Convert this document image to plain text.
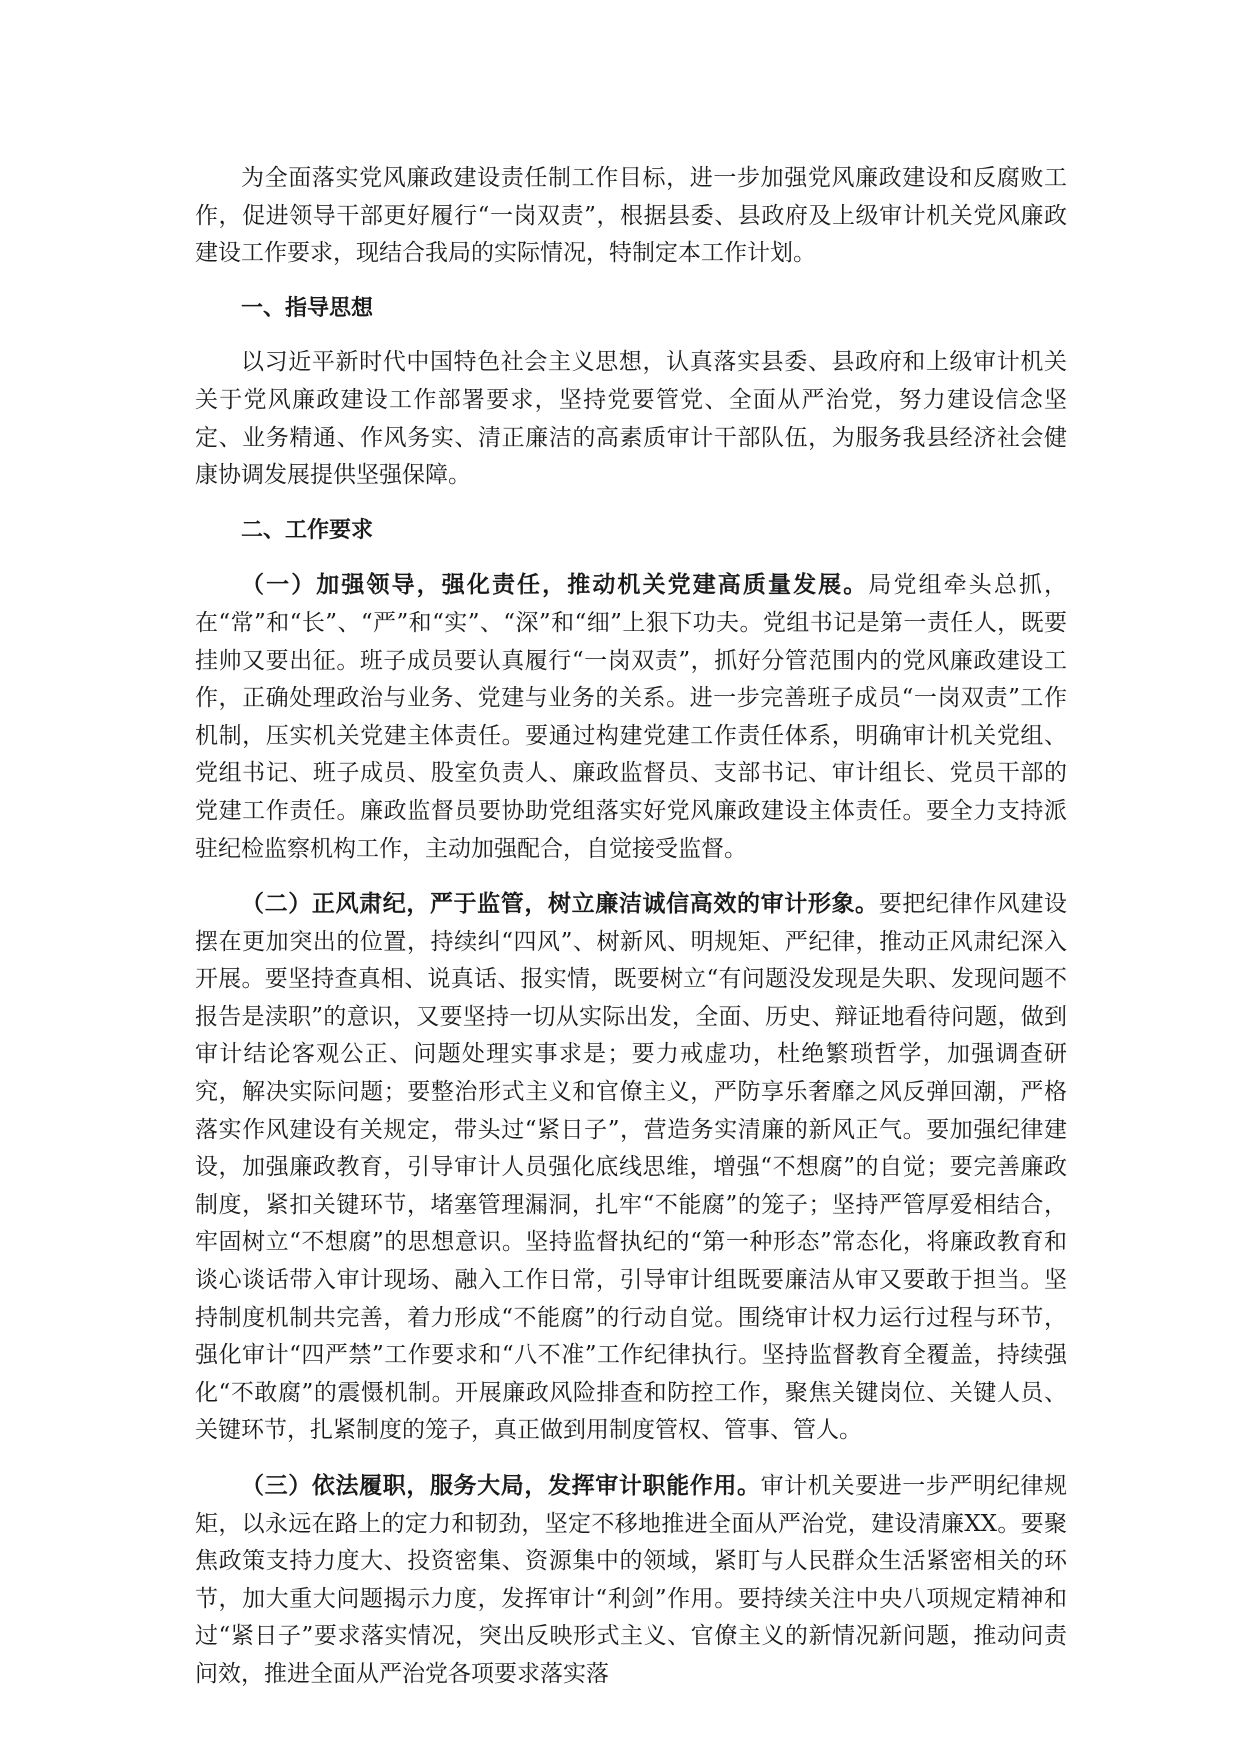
为全面落实党风廉政建设责任制工作目标，进一步加强党风廉政建设和反腐败工作，促进领导干部更好履行“一岗双责”，根据县委、县政府及上级审计机关党风廉政建设工作要求，现结合我局的实际情况，特制定本工作计划。

一、指导思想

以习近平新时代中国特色社会主义思想，认真落实县委、县政府和上级审计机关关于党风廉政建设工作部署要求，坚持党要管党、全面从严治党，努力建设信念坚定、业务精通、作风务实、清正廉洁的高素质审计干部队伍，为服务我县经济社会健康协调发展提供坚强保障。

二、工作要求

（一）加强领导，强化责任，推动机关党建高质量发展。局党组牵头总抓，在“常”和“长”、“严”和“实”、“深”和“细”上狠下功夫。党组书记是第一责任人，既要挂帅又要出征。班子成员要认真履行“一岗双责”，抓好分管范围内的党风廉政建设工作，正确处理政治与业务、党建与业务的关系。进一步完善班子成员“一岗双责”工作机制，压实机关党建主体责任。要通过构建党建工作责任体系，明确审计机关党组、党组书记、班子成员、股室负责人、廉政监督员、支部书记、审计组长、党员干部的党建工作责任。廉政监督员要协助党组落实好党风廉政建设主体责任。要全力支持派驻纪检监察机构工作，主动加强配合，自觉接受监督。

（二）正风肃纪，严于监管，树立廉洁诚信高效的审计形象。要把纪律作风建设摆在更加突出的位置，持续纠“四风”、树新风、明规矩、严纪律，推动正风肃纪深入开展。要坚持查真相、说真话、报实情，既要树立“有问题没发现是失职、发现问题不报告是渎职”的意识，又要坚持一切从实际出发，全面、历史、辩证地看待问题，做到审计结论客观公正、问题处理实事求是；要力戒虚功，杜绝繁琐哲学，加强调查研究，解决实际问题；要整治形式主义和官僚主义，严防享乐奢靡之风反弹回潮，严格落实作风建设有关规定，带头过“紧日子”，营造务实清廉的新风正气。要加强纪律建设，加强廉政教育，引导审计人员强化底线思维，增强“不想腐”的自觉；要完善廉政制度，紧扣关键环节，堵塞管理漏洞，扎牢“不能腐”的笼子；坚持严管厚爱相结合，牢固树立“不想腐”的思想意识。坚持监督执纪的“第一种形态”常态化，将廉政教育和谈心谈话带入审计现场、融入工作日常，引导审计组既要廉洁从审又要敢于担当。坚持制度机制共完善，着力形成“不能腐”的行动自觉。围绕审计权力运行过程与环节，强化审计“四严禁”工作要求和“八不准”工作纪律执行。坚持监督教育全覆盖，持续强化“不敢腐”的震慑机制。开展廉政风险排查和防控工作，聚焦关键岗位、关键人员、关键环节，扎紧制度的笼子，真正做到用制度管权、管事、管人。

（三）依法履职，服务大局，发挥审计职能作用。审计机关要进一步严明纪律规矩，以永远在路上的定力和韧劲，坚定不移地推进全面从严治党，建设清廉XX。要聚焦政策支持力度大、投资密集、资源集中的领域，紧盯与人民群众生活紧密相关的环节，加大重大问题揭示力度，发挥审计“利剑”作用。要持续关注中央八项规定精神和过“紧日子”要求落实情况，突出反映形式主义、官僚主义的新情况新问题，推动问责问效，推进全面从严治党各项要求落实落
